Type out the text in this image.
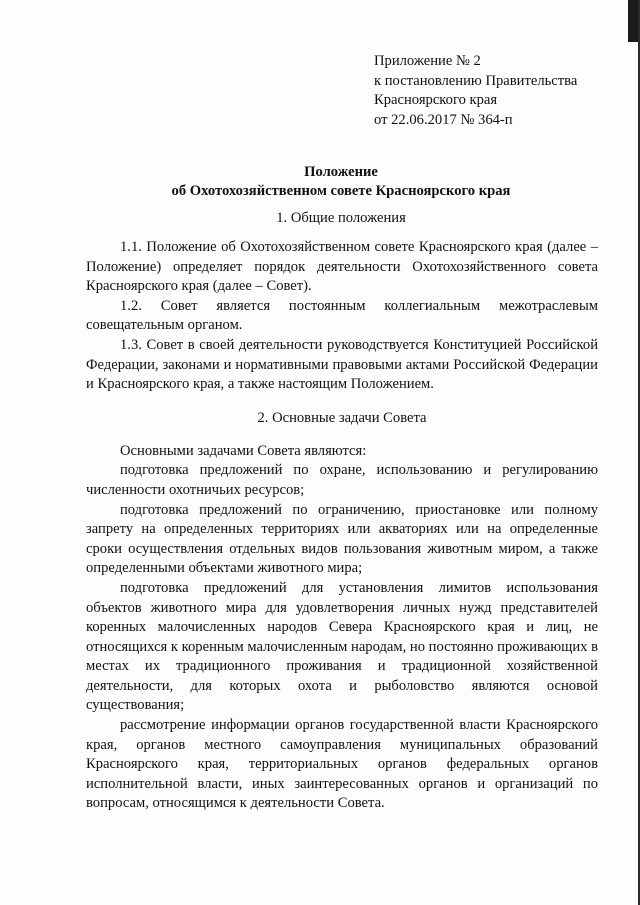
Приложение № 2
к постановлению Правительства
Красноярского края
от 22.06.2017 № 364-п
Положение
об Охотохозяйственном совете Красноярского края
1. Общие положения

1.1. Положение об Охотохозяйственном совете Красноярского края (далее – Положение) определяет порядок деятельности Охотохозяйственного совета Красноярского края (далее – Совет).

1.2. Совет является постоянным коллегиальным межотраслевым совещательным органом.

1.3. Совет в своей деятельности руководствуется Конституцией Российской Федерации, законами и нормативными правовыми актами Российской Федерации и Красноярского края, а также настоящим Положением.

2. Основные задачи Совета

Основными задачами Совета являются:

подготовка предложений по охране, использованию и регулированию численности охотничьих ресурсов;

подготовка предложений по ограничению, приостановке или полному запрету на определенных территориях или акваториях или на определенные сроки осуществления отдельных видов пользования животным миром, а также определенными объектами животного мира;

подготовка предложений для установления лимитов использования объектов животного мира для удовлетворения личных нужд представителей коренных малочисленных народов Севера Красноярского края и лиц, не относящихся к коренным малочисленным народам, но постоянно проживающих в местах их традиционного проживания и традиционной хозяйственной деятельности, для которых охота и рыболовство являются основой существования;

рассмотрение информации органов государственной власти Красноярского края, органов местного самоуправления муниципальных образований Красноярского края, территориальных органов федеральных органов исполнительной власти, иных заинтересованных органов и организаций по вопросам, относящимся к деятельности Совета.
